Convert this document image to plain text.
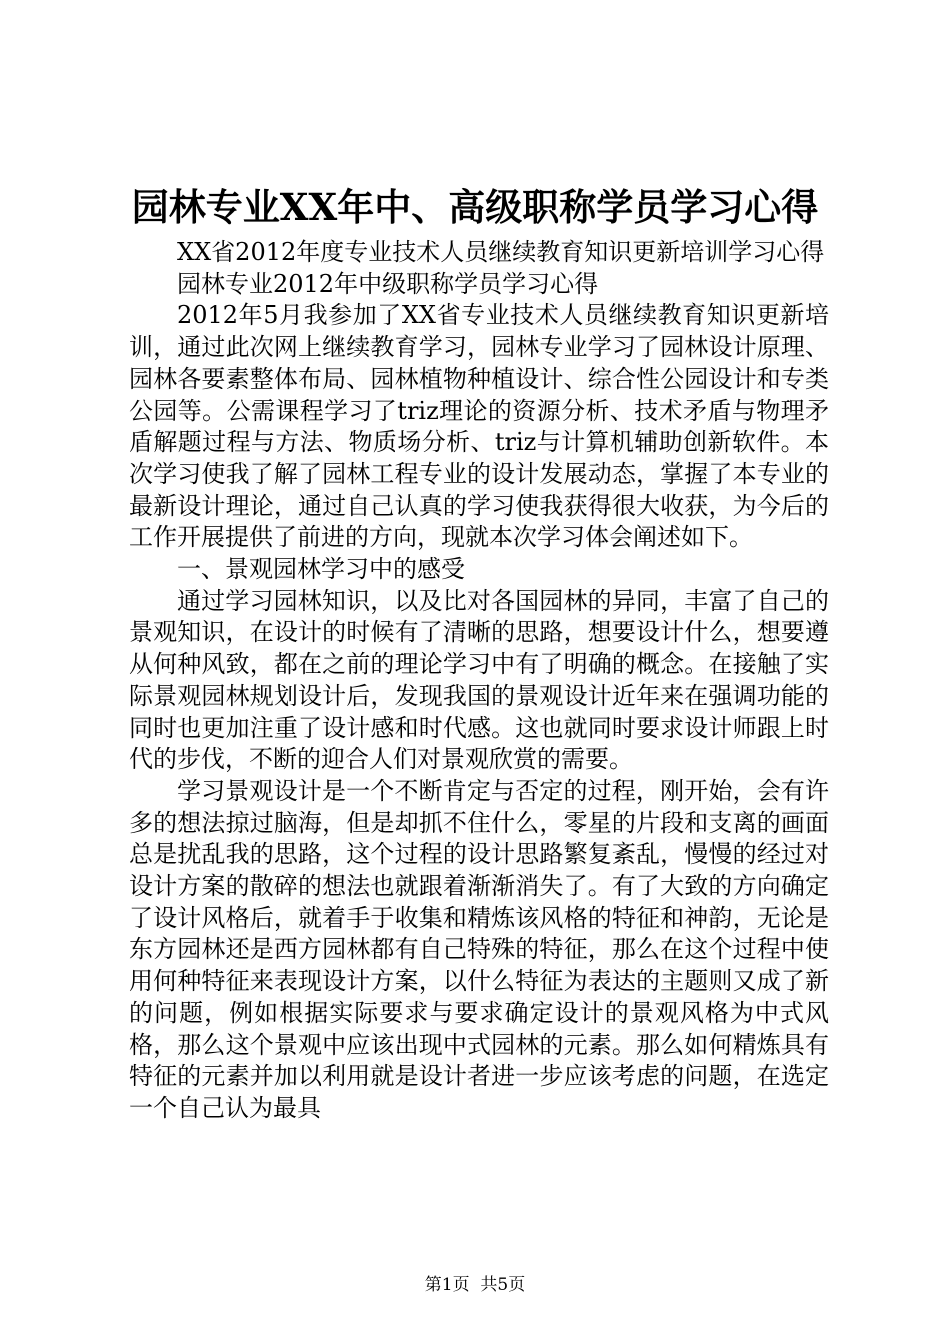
园林专业XX年中、高级职称学员学习心得

XX省2012年度专业技术人员继续教育知识更新培训学习心得

园林专业2012年中级职称学员学习心得

2012年5月我参加了XX省专业技术人员继续教育知识更新培训，通过此次网上继续教育学习，园林专业学习了园林设计原理、园林各要素整体布局、园林植物种植设计、综合性公园设计和专类公园等。公需课程学习了triz理论的资源分析、技术矛盾与物理矛盾解题过程与方法、物质场分析、triz与计算机辅助创新软件。本次学习使我了解了园林工程专业的设计发展动态，掌握了本专业的最新设计理论，通过自己认真的学习使我获得很大收获，为今后的工作开展提供了前进的方向，现就本次学习体会阐述如下。

一、景观园林学习中的感受

通过学习园林知识，以及比对各国园林的异同，丰富了自己的景观知识，在设计的时候有了清晰的思路，想要设计什么，想要遵从何种风致，都在之前的理论学习中有了明确的概念。在接触了实际景观园林规划设计后，发现我国的景观设计近年来在强调功能的同时也更加注重了设计感和时代感。这也就同时要求设计师跟上时代的步伐，不断的迎合人们对景观欣赏的需要。

学习景观设计是一个不断肯定与否定的过程，刚开始，会有许多的想法掠过脑海，但是却抓不住什么，零星的片段和支离的画面总是扰乱我的思路，这个过程的设计思路繁复紊乱，慢慢的经过对设计方案的散碎的想法也就跟着渐渐消失了。有了大致的方向确定了设计风格后，就着手于收集和精炼该风格的特征和神韵，无论是东方园林还是西方园林都有自己特殊的特征，那么在这个过程中使用何种特征来表现设计方案，以什么特征为表达的主题则又成了新的问题，例如根据实际要求与要求确定设计的景观风格为中式风格，那么这个景观中应该出现中式园林的元素。那么如何精炼具有特征的元素并加以利用就是设计者进一步应该考虑的问题，在选定一个自己认为最具

第1页 共5页
